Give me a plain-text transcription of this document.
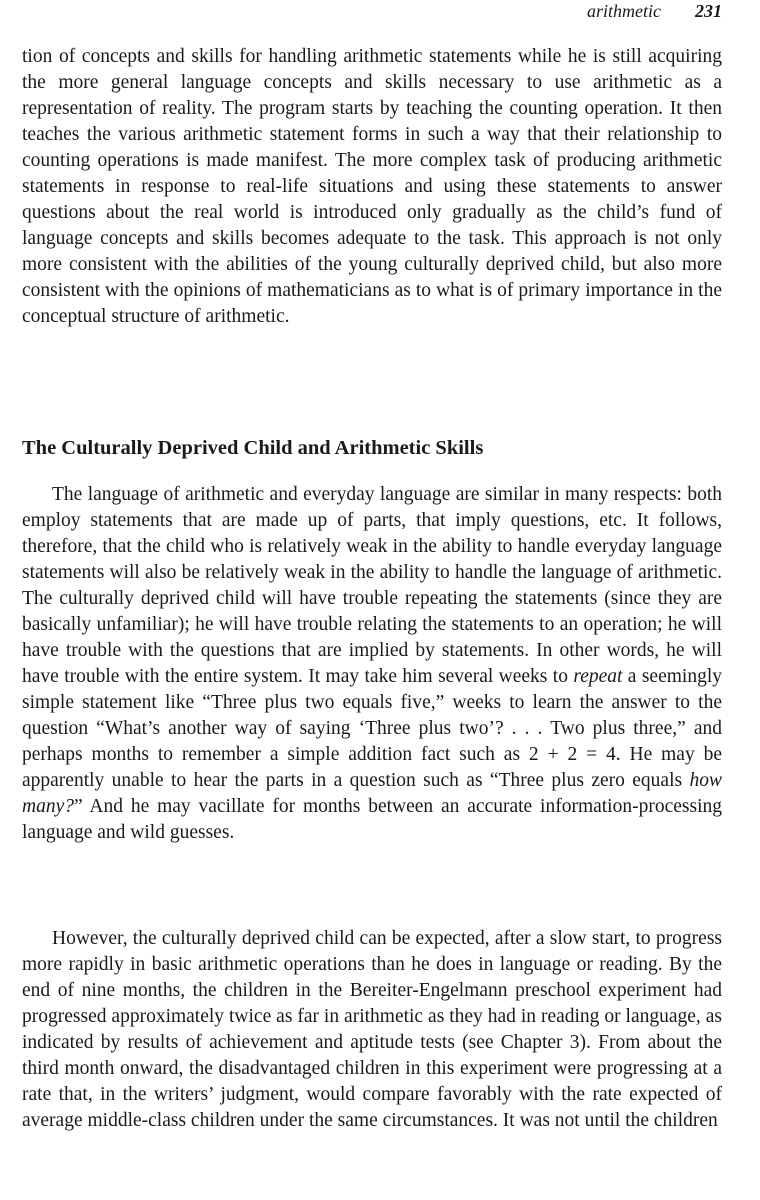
arithmetic 231

tion of concepts and skills for handling arithmetic statements while he is still acquiring the more general language concepts and skills necessary to use arithmetic as a representation of reality. The program starts by teaching the counting operation. It then teaches the various arithmetic statement forms in such a way that their relationship to counting operations is made manifest. The more complex task of producing arithmetic statements in response to real-life situations and using these statements to answer questions about the real world is introduced only gradually as the child’s fund of language concepts and skills becomes adequate to the task. This approach is not only more consistent with the abilities of the young culturally deprived child, but also more consistent with the opinions of mathematicians as to what is of primary importance in the conceptual structure of arithmetic.

The Culturally Deprived Child and Arithmetic Skills

The language of arithmetic and everyday language are similar in many respects: both employ statements that are made up of parts, that imply questions, etc. It follows, therefore, that the child who is relatively weak in the ability to handle everyday language statements will also be relatively weak in the ability to handle the language of arithmetic. The culturally deprived child will have trouble repeating the statements (since they are basically unfamiliar); he will have trouble relating the statements to an operation; he will have trouble with the questions that are implied by statements. In other words, he will have trouble with the entire system. It may take him several weeks to repeat a seemingly simple statement like “Three plus two equals five,” weeks to learn the answer to the question “What’s another way of saying ‘Three plus two’? . . . Two plus three,” and perhaps months to remember a simple addition fact such as 2 + 2 = 4. He may be apparently unable to hear the parts in a question such as “Three plus zero equals how many?” And he may vacillate for months between an accurate information-processing language and wild guesses.

However, the culturally deprived child can be expected, after a slow start, to progress more rapidly in basic arithmetic operations than he does in language or reading. By the end of nine months, the children in the Bereiter-Engelmann preschool experiment had progressed approximately twice as far in arithmetic as they had in reading or language, as indicated by results of achievement and aptitude tests (see Chapter 3). From about the third month onward, the disadvantaged children in this experiment were progressing at a rate that, in the writers’ judgment, would compare favorably with the rate expected of average middle-class children under the same circumstances. It was not until the children
